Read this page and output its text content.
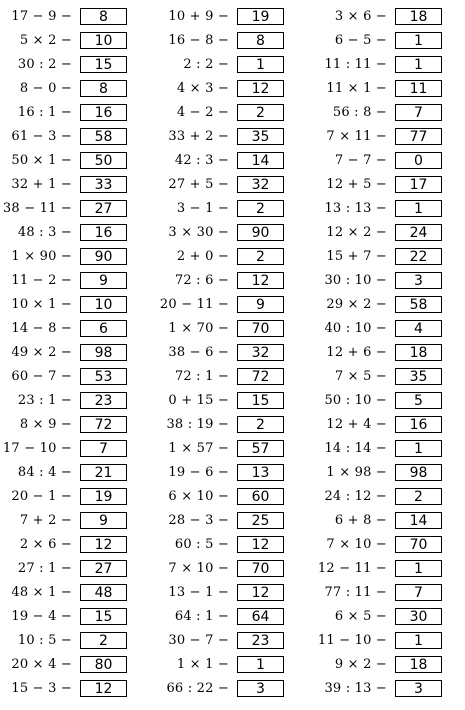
17 − 9 −	8
5 × 2 −	10
30 : 2 −	15
8 − 0 −	8
16 : 1 −	16
61 − 3 −	58
50 × 1 −	50
32 + 1 −	33
38 − 11 −	27
48 : 3 −	16
1 × 90 −	90
11 − 2 −	9
10 × 1 −	10
14 − 8 −	6
49 × 2 −	98
60 − 7 −	53
23 : 1 −	23
8 × 9 −	72
17 − 10 −	7
84 : 4 −	21
20 − 1 −	19
7 + 2 −	9
2 × 6 −	12
27 : 1 −	27
48 × 1 −	48
19 − 4 −	15
10 : 5 −	2
20 × 4 −	80
15 − 3 −	12
10 + 9 −	19
16 − 8 −	8
2 : 2 −	1
4 × 3 −	12
4 − 2 −	2
33 + 2 −	35
42 : 3 −	14
27 + 5 −	32
3 − 1 −	2
3 × 30 −	90
2 + 0 −	2
72 : 6 −	12
20 − 11 −	9
1 × 70 −	70
38 − 6 −	32
72 : 1 −	72
0 + 15 −	15
38 : 19 −	2
1 × 57 −	57
19 − 6 −	13
6 × 10 −	60
28 − 3 −	25
60 : 5 −	12
7 × 10 −	70
13 − 1 −	12
64 : 1 −	64
30 − 7 −	23
1 × 1 −	1
66 : 22 −	3
3 × 6 −	18
6 − 5 −	1
11 : 11 −	1
11 × 1 −	11
56 : 8 −	7
7 × 11 −	77
7 − 7 −	0
12 + 5 −	17
13 : 13 −	1
12 × 2 −	24
15 + 7 −	22
30 : 10 −	3
29 × 2 −	58
40 : 10 −	4
12 + 6 −	18
7 × 5 −	35
50 : 10 −	5
12 + 4 −	16
14 : 14 −	1
1 × 98 −	98
24 : 12 −	2
6 + 8 −	14
7 × 10 −	70
12 − 11 −	1
77 : 11 −	7
6 × 5 −	30
11 − 10 −	1
9 × 2 −	18
39 : 13 −	3
